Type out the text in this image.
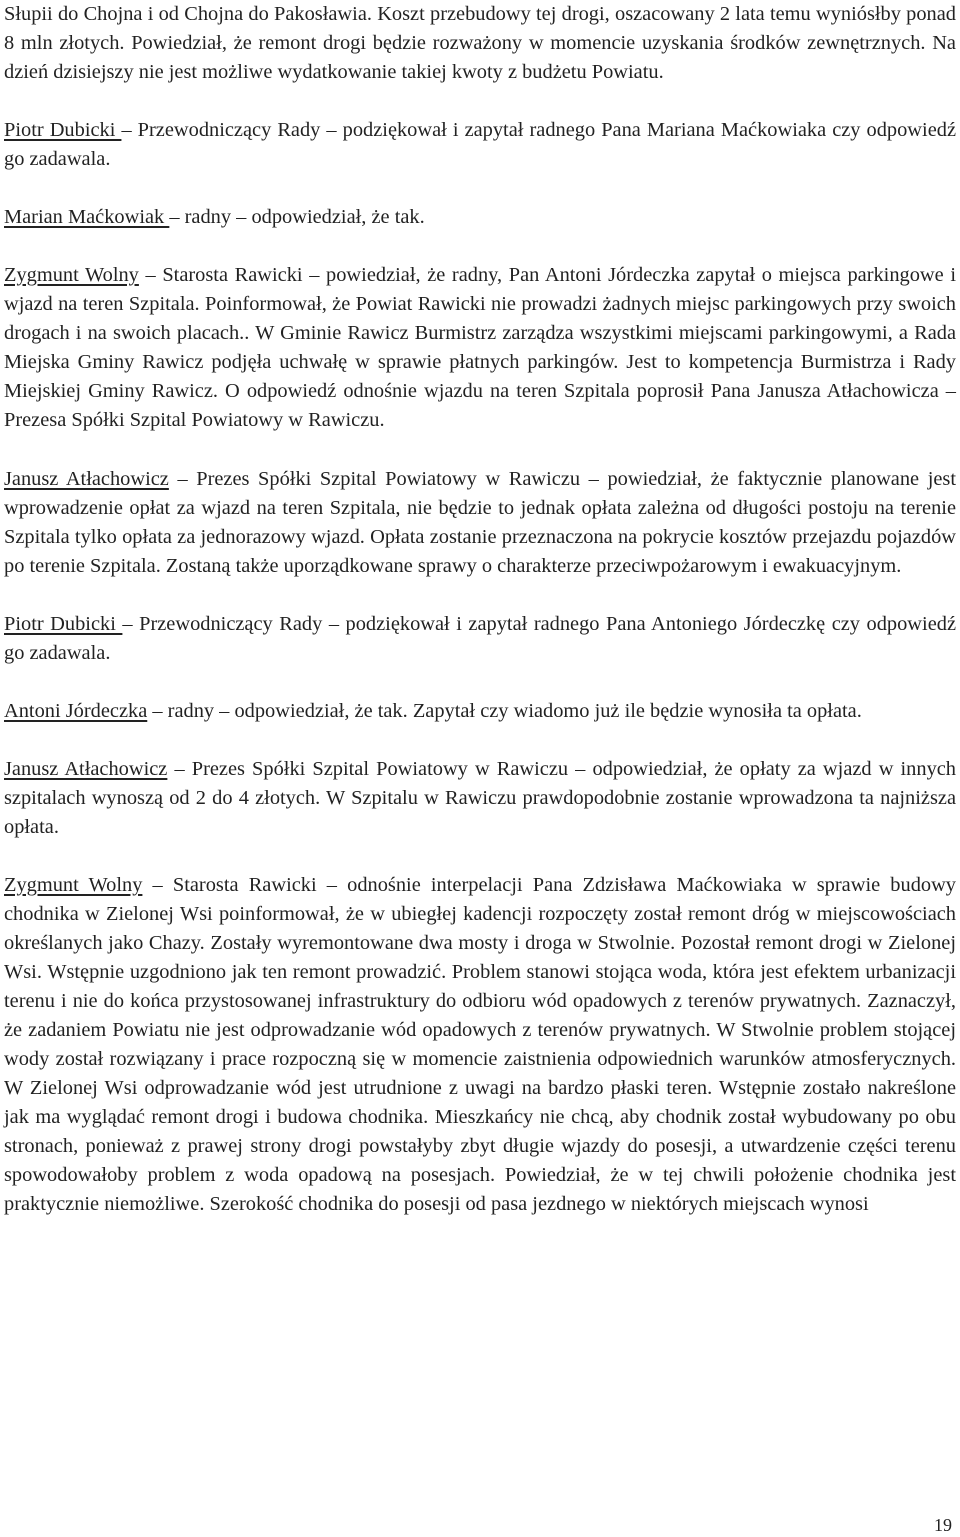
Słupii do Chojna i od Chojna do Pakosławia. Koszt przebudowy tej drogi, oszacowany 2 lata temu wyniósłby ponad 8 mln złotych. Powiedział, że remont drogi będzie rozważony w momencie uzyskania środków zewnętrznych. Na dzień dzisiejszy nie jest możliwe wydatkowanie takiej kwoty z budżetu Powiatu.

Piotr Dubicki – Przewodniczący Rady – podziękował i zapytał radnego Pana Mariana Maćkowiaka czy odpowiedź go zadawala.

Marian Maćkowiak – radny – odpowiedział, że tak.

Zygmunt Wolny – Starosta Rawicki – powiedział, że radny, Pan Antoni Jórdeczka zapytał o miejsca parkingowe i wjazd na teren Szpitala. Poinformował, że Powiat Rawicki nie prowadzi żadnych miejsc parkingowych przy swoich drogach i na swoich placach.. W Gminie Rawicz Burmistrz zarządza wszystkimi miejscami parkingowymi, a Rada Miejska Gminy Rawicz podjęła uchwałę w sprawie płatnych parkingów. Jest to kompetencja Burmistrza i Rady Miejskiej Gminy Rawicz. O odpowiedź odnośnie wjazdu na teren Szpitala poprosił Pana Janusza Atłachowicza – Prezesa Spółki Szpital Powiatowy w Rawiczu.

Janusz Atłachowicz – Prezes Spółki Szpital Powiatowy w Rawiczu – powiedział, że faktycznie planowane jest wprowadzenie opłat za wjazd na teren Szpitala, nie będzie to jednak opłata zależna od długości postoju na terenie Szpitala tylko opłata za jednorazowy wjazd. Opłata zostanie przeznaczona na pokrycie kosztów przejazdu pojazdów po terenie Szpitala. Zostaną także uporządkowane sprawy o charakterze przeciwpożarowym i ewakuacyjnym.

Piotr Dubicki – Przewodniczący Rady – podziękował i zapytał radnego Pana Antoniego Jórdeczkę czy odpowiedź go zadawala.

Antoni Jórdeczka – radny – odpowiedział, że tak. Zapytał czy wiadomo już ile będzie wynosiła ta opłata.

Janusz Atłachowicz – Prezes Spółki Szpital Powiatowy w Rawiczu – odpowiedział, że opłaty za wjazd w innych szpitalach wynoszą od 2 do 4 złotych. W Szpitalu w Rawiczu prawdopodobnie zostanie wprowadzona ta najniższa opłata.

Zygmunt Wolny – Starosta Rawicki – odnośnie interpelacji Pana Zdzisława Maćkowiaka w sprawie budowy chodnika w Zielonej Wsi poinformował, że w ubiegłej kadencji rozpoczęty został remont dróg w miejscowościach określanych jako Chazy. Zostały wyremontowane dwa mosty i droga w Stwolnie. Pozostał remont drogi w Zielonej Wsi. Wstępnie uzgodniono jak ten remont prowadzić. Problem stanowi stojąca woda, która jest efektem urbanizacji terenu i nie do końca przystosowanej infrastruktury do odbioru wód opadowych z terenów prywatnych. Zaznaczył, że zadaniem Powiatu nie jest odprowadzanie wód opadowych z terenów prywatnych. W Stwolnie problem stojącej wody został rozwiązany i prace rozpoczną się w momencie zaistnienia odpowiednich warunków atmosferycznych. W Zielonej Wsi odprowadzanie wód jest utrudnione z uwagi na bardzo płaski teren. Wstępnie zostało nakreślone jak ma wyglądać remont drogi i budowa chodnika. Mieszkańcy nie chcą, aby chodnik został wybudowany po obu stronach, ponieważ z prawej strony drogi powstałyby zbyt długie wjazdy do posesji, a utwardzenie części terenu spowodowałoby problem z woda opadową na posesjach. Powiedział, że w tej chwili położenie chodnika jest praktycznie niemożliwe. Szerokość chodnika do posesji od pasa jezdnego w niektórych miejscach wynosi

19
